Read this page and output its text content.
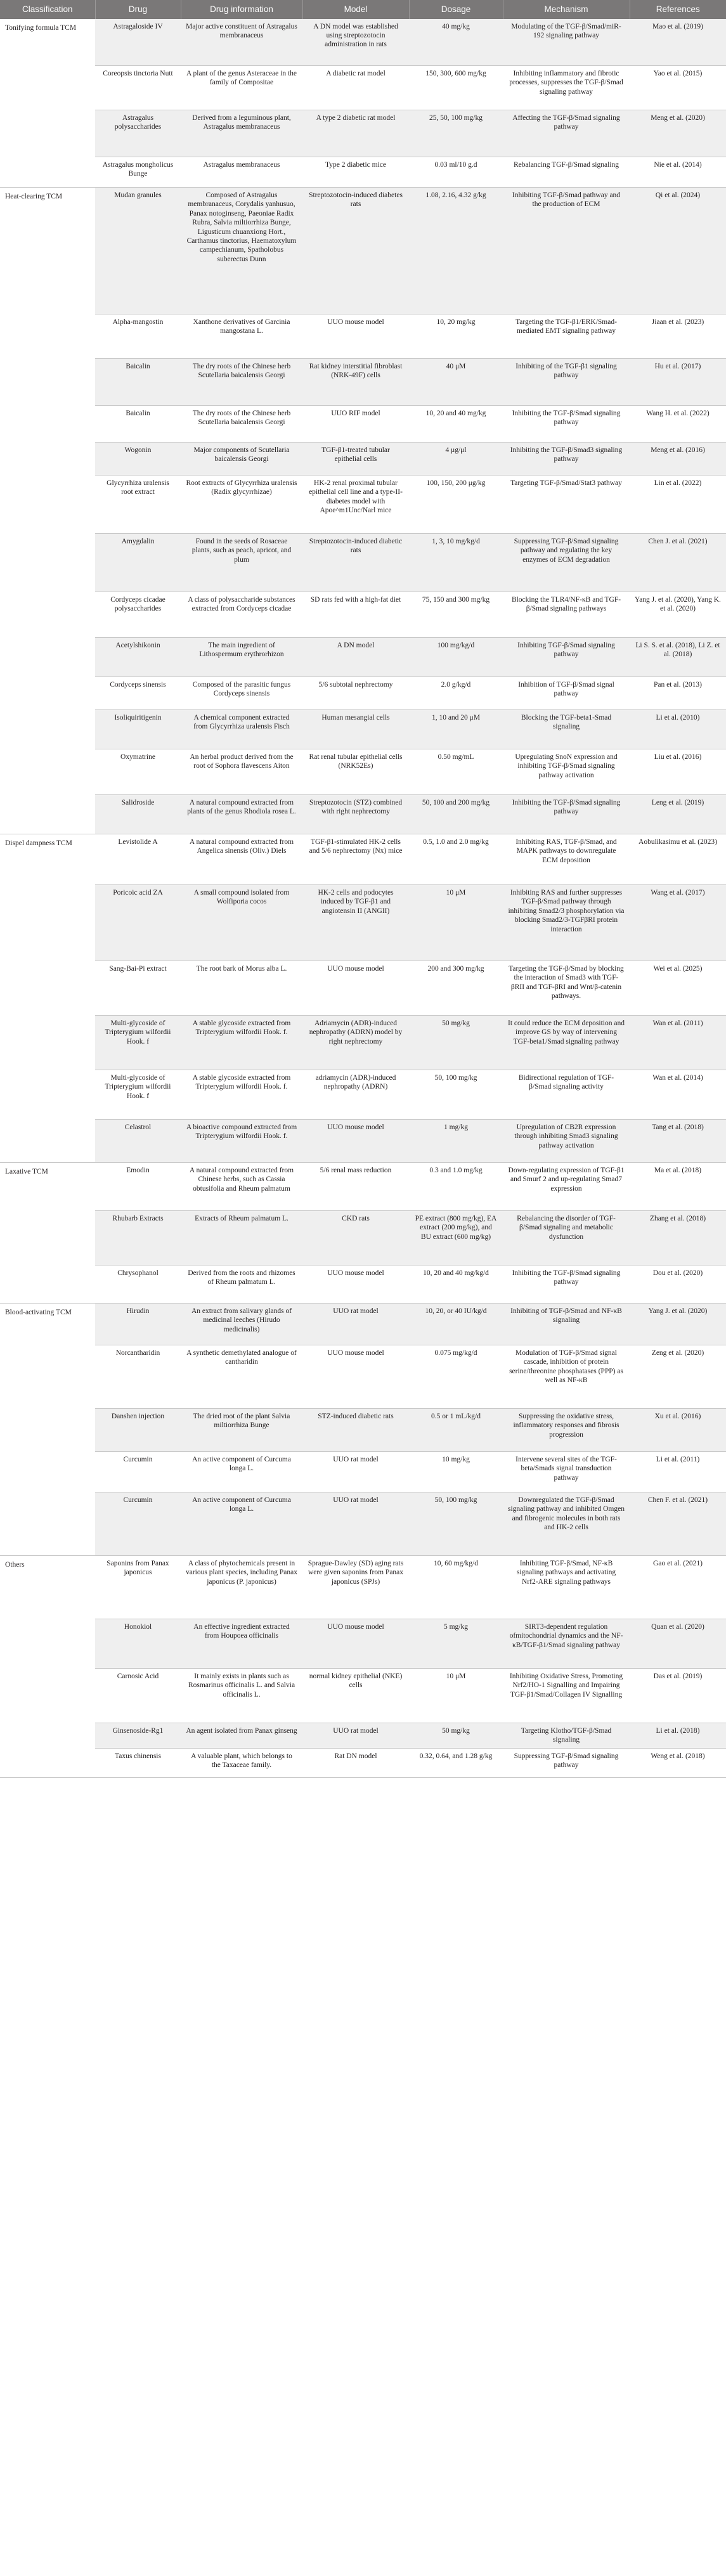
Classification	Drug	Drug information	Model	Dosage	Mechanism	References
Tonifying formula TCM	Astragaloside IV	Major active constituent of Astragalus membranaceus	A DN model was established using streptozotocin administration in rats	40 mg/kg	Modulating of the TGF-β/Smad/miR-192 signaling pathway	Mao et al. (2019)
	Coreopsis tinctoria Nutt	A plant of the genus Asteraceae in the family of Compositae	A diabetic rat model	150, 300, 600 mg/kg	Inhibiting inflammatory and fibrotic processes, suppresses the TGF-β/Smad signaling pathway	Yao et al. (2015)
	Astragalus polysaccharides	Derived from a leguminous plant, Astragalus membranaceus	A type 2 diabetic rat model	25, 50, 100 mg/kg	Affecting the TGF-β/Smad signaling pathway	Meng et al. (2020)
	Astragalus mongholicus Bunge	Astragalus membranaceus	Type 2 diabetic mice	0.03 ml/10 g.d	Rebalancing TGF-β/Smad signaling	Nie et al. (2014)
Heat-clearing TCM	Mudan granules	Composed of Astragalus membranaceus, Corydalis yanhusuo, Panax notoginseng, Paeoniae Radix Rubra, Salvia miltiorrhiza Bunge, Ligusticum chuanxiong Hort., Carthamus tinctorius, Haematoxylum campechianum, Spatholobus suberectus Dunn	Streptozotocin-induced diabetes rats	1.08, 2.16, 4.32 g/kg	Inhibiting TGF-β/Smad pathway and the production of ECM	Qi et al. (2024)
	Alpha-mangostin	Xanthone derivatives of Garcinia mangostana L.	UUO mouse model	10, 20 mg/kg	Targeting the TGF-β1/ERK/Smad-mediated EMT signaling pathway	Jiaan et al. (2023)
	Baicalin	The dry roots of the Chinese herb Scutellaria baicalensis Georgi	Rat kidney interstitial fibroblast (NRK-49F) cells	40 μM	Inhibiting of the TGF-β1 signaling pathway	Hu et al. (2017)
	Baicalin	The dry roots of the Chinese herb Scutellaria baicalensis Georgi	UUO RIF model	10, 20 and 40 mg/kg	Inhibiting the TGF-β/Smad signaling pathway	Wang H. et al. (2022)
	Wogonin	Major components of Scutellaria baicalensis Georgi	TGF-β1-treated tubular epithelial cells	4 μg/μl	Inhibiting the TGF-β/Smad3 signaling pathway	Meng et al. (2016)
	Glycyrrhiza uralensis root extract	Root extracts of Glycyrrhiza uralensis (Radix glycyrrhizae)	HK-2 renal proximal tubular epithelial cell line and a type-II-diabetes model with Apoe^m1Unc/Narl mice	100, 150, 200 μg/kg	Targeting TGF-β/Smad/Stat3 pathway	Lin et al. (2022)
	Amygdalin	Found in the seeds of Rosaceae plants, such as peach, apricot, and plum	Streptozotocin-induced diabetic rats	1, 3, 10 mg/kg/d	Suppressing TGF-β/Smad signaling pathway and regulating the key enzymes of ECM degradation	Chen J. et al. (2021)
	Cordyceps cicadae polysaccharides	A class of polysaccharide substances extracted from Cordyceps cicadae	SD rats fed with a high-fat diet	75, 150 and 300 mg/kg	Blocking the TLR4/NF-κB and TGF-β/Smad signaling pathways	Yang J. et al. (2020), Yang K. et al. (2020)
	Acetylshikonin	The main ingredient of Lithospermum erythrorhizon	A DN model	100 mg/kg/d	Inhibiting TGF-β/Smad signaling pathway	Li S. S. et al. (2018), Li Z. et al. (2018)
	Cordyceps sinensis	Composed of the parasitic fungus Cordyceps sinensis	5/6 subtotal nephrectomy	2.0 g/kg/d	Inhibition of TGF-β/Smad signal pathway	Pan et al. (2013)
	Isoliquiritigenin	A chemical component extracted from Glycyrrhiza uralensis Fisch	Human mesangial cells	1, 10 and 20 μM	Blocking the TGF-beta1-Smad signaling	Li et al. (2010)
	Oxymatrine	An herbal product derived from the root of Sophora flavescens Aiton	Rat renal tubular epithelial cells (NRK52Es)	0.50 mg/mL	Upregulating SnoN expression and inhibiting TGF-β/Smad signaling pathway activation	Liu et al. (2016)
	Salidroside	A natural compound extracted from plants of the genus Rhodiola rosea L.	Streptozotocin (STZ) combined with right nephrectomy	50, 100 and 200 mg/kg	Inhibiting the TGF-β/Smad signaling pathway	Leng et al. (2019)
Dispel dampness TCM	Levistolide A	A natural compound extracted from Angelica sinensis (Oliv.) Diels	TGF-β1-stimulated HK-2 cells and 5/6 nephrectomy (Nx) mice	0.5, 1.0 and 2.0 mg/kg	Inhibiting RAS, TGF-β/Smad, and MAPK pathways to downregulate ECM deposition	Aobulikasimu et al. (2023)
	Poricoic acid ZA	A small compound isolated from Wolfiporia cocos	HK-2 cells and podocytes induced by TGF-β1 and angiotensin II (ANGII)	10 μM	Inhibiting RAS and further suppresses TGF-β/Smad pathway through inhibiting Smad2/3 phosphorylation via blocking Smad2/3-TGFβRI protein interaction	Wang et al. (2017)
	Sang-Bai-Pi extract	The root bark of Morus alba L.	UUO mouse model	200 and 300 mg/kg	Targeting the TGF-β/Smad by blocking the interaction of Smad3 with TGF-βRII and TGF-βRI and Wnt/β-catenin pathways.	Wei et al. (2025)
	Multi-glycoside of Tripterygium wilfordii Hook. f	A stable glycoside extracted from Tripterygium wilfordii Hook. f.	Adriamycin (ADR)-induced nephropathy (ADRN) model by right nephrectomy	50 mg/kg	It could reduce the ECM deposition and improve GS by way of intervening TGF-beta1/Smad signaling pathway	Wan et al. (2011)
	Multi-glycoside of Tripterygium wilfordii Hook. f	A stable glycoside extracted from Tripterygium wilfordii Hook. f.	adriamycin (ADR)-induced nephropathy (ADRN)	50, 100 mg/kg	Bidirectional regulation of TGF-β/Smad signaling activity	Wan et al. (2014)
	Celastrol	A bioactive compound extracted from Tripterygium wilfordii Hook. f.	UUO mouse model	1 mg/kg	Upregulation of CB2R expression through inhibiting Smad3 signaling pathway activation	Tang et al. (2018)
Laxative TCM	Emodin	A natural compound extracted from Chinese herbs, such as Cassia obtusifolia and Rheum palmatum	5/6 renal mass reduction	0.3 and 1.0 mg/kg	Down-regulating expression of TGF-β1 and Smurf 2 and up-regulating Smad7 expression	Ma et al. (2018)
	Rhubarb Extracts	Extracts of Rheum palmatum L.	CKD rats	PE extract (800 mg/kg), EA extract (200 mg/kg), and BU extract (600 mg/kg)	Rebalancing the disorder of TGF-β/Smad signaling and metabolic dysfunction	Zhang et al. (2018)
	Chrysophanol	Derived from the roots and rhizomes of Rheum palmatum L.	UUO mouse model	10, 20 and 40 mg/kg/d	Inhibiting the TGF-β/Smad signaling pathway	Dou et al. (2020)
Blood-activating TCM	Hirudin	An extract from salivary glands of medicinal leeches (Hirudo medicinalis)	UUO rat model	10, 20, or 40 IU/kg/d	Inhibiting of TGF-β/Smad and NF-κB signaling	Yang J. et al. (2020)
	Norcantharidin	A synthetic demethylated analogue of cantharidin	UUO mouse model	0.075 mg/kg/d	Modulation of TGF-β/Smad signal cascade, inhibition of protein serine/threonine phosphatases (PPP) as well as NF-κB	Zeng et al. (2020)
	Danshen injection	The dried root of the plant Salvia miltiorrhiza Bunge	STZ-induced diabetic rats	0.5 or 1 mL/kg/d	Suppressing the oxidative stress, inflammatory responses and fibrosis progression	Xu et al. (2016)
	Curcumin	An active component of Curcuma longa L.	UUO rat model	10 mg/kg	Intervene several sites of the TGF-beta/Smads signal transduction pathway	Li et al. (2011)
	Curcumin	An active component of Curcuma longa L.	UUO rat model	50, 100 mg/kg	Downregulated the TGF-β/Smad signaling pathway and inhibited Omgen and fibrogenic molecules in both rats and HK-2 cells	Chen F. et al. (2021)
Others	Saponins from Panax japonicus	A class of phytochemicals present in various plant species, including Panax japonicus (P. japonicus)	Sprague-Dawley (SD) aging rats were given saponins from Panax japonicus (SPJs)	10, 60 mg/kg/d	Inhibiting TGF-β/Smad, NF-κB signaling pathways and activating Nrf2-ARE signaling pathways	Gao et al. (2021)
	Honokiol	An effective ingredient extracted from Houpoea officinalis	UUO mouse model	5 mg/kg	SIRT3-dependent regulation ofmitochondrial dynamics and the NF-κB/TGF-β1/Smad signaling pathway	Quan et al. (2020)
	Carnosic Acid	It mainly exists in plants such as Rosmarinus officinalis L. and Salvia officinalis L.	normal kidney epithelial (NKE) cells	10 μM	Inhibiting Oxidative Stress, Promoting Nrf2/HO-1 Signalling and Impairing TGF-β1/Smad/Collagen IV Signalling	Das et al. (2019)
	Ginsenoside-Rg1	An agent isolated from Panax ginseng	UUO rat model	50 mg/kg	Targeting Klotho/TGF-β/Smad signaling	Li et al. (2018)
	Taxus chinensis	A valuable plant, which belongs to the Taxaceae family.	Rat DN model	0.32, 0.64, and 1.28 g/kg	Suppressing TGF-β/Smad signaling pathway	Weng et al. (2018)
